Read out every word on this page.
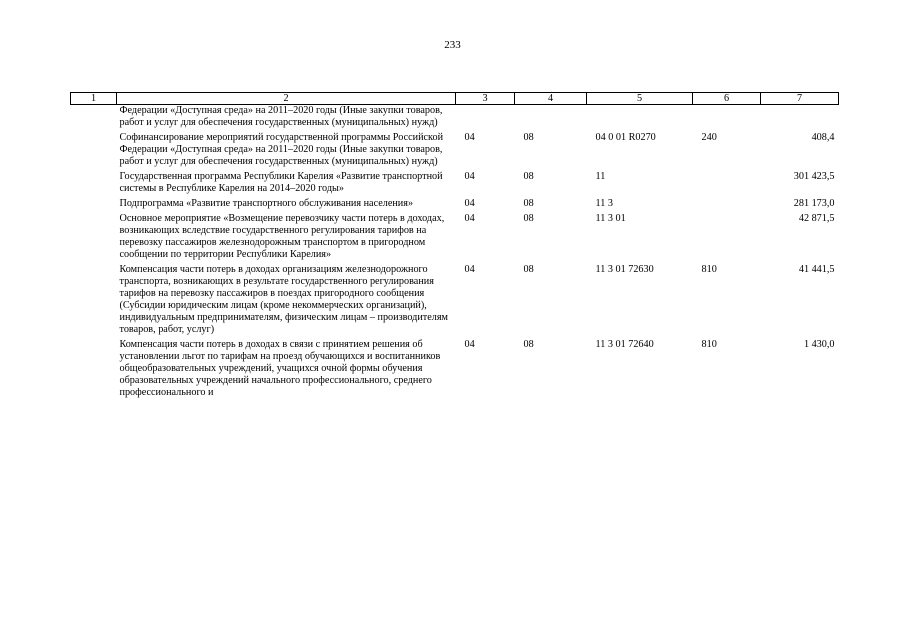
233
1	2	3	4	5	6	7
	Федерации «Доступная среда» на 2011–2020 годы (Иные закупки товаров, работ и услуг для обеспечения государственных (муниципальных) нужд)					
	Софинансирование мероприятий государственной программы Российской Федерации «Доступная среда» на 2011–2020 годы (Иные закупки товаров, работ и услуг для обеспечения государственных (муниципальных) нужд)	04	08	04 0 01 R0270	240	408,4
	Государственная программа Республики Карелия «Развитие транспортной системы в Республике Карелия на 2014–2020 годы»	04	08	11		301 423,5
	Подпрограмма «Развитие транспортного обслуживания населения»	04	08	11 3		281 173,0
	Основное мероприятие «Возмещение перевозчику части потерь в доходах, возникающих вследствие государственного регулирования тарифов на перевозку пассажиров железнодорожным транспортом в пригородном сообщении по территории Республики Карелия»	04	08	11 3 01		42 871,5
	Компенсация части потерь в доходах организациям железнодорожного транспорта, возникающих в результате государственного регулирования тарифов на перевозку пассажиров в поездах пригородного сообщения (Субсидии юридическим лицам (кроме некоммерческих организаций), индивидуальным предпринимателям, физическим лицам – производителям товаров, работ, услуг)	04	08	11 3 01 72630	810	41 441,5
	Компенсация части потерь в доходах в связи с принятием решения об установлении льгот по тарифам на проезд обучающихся и воспитанников общеобразовательных учреждений, учащихся очной формы обучения образовательных учреждений начального профессионального, среднего профессионального и	04	08	11 3 01 72640	810	1 430,0
